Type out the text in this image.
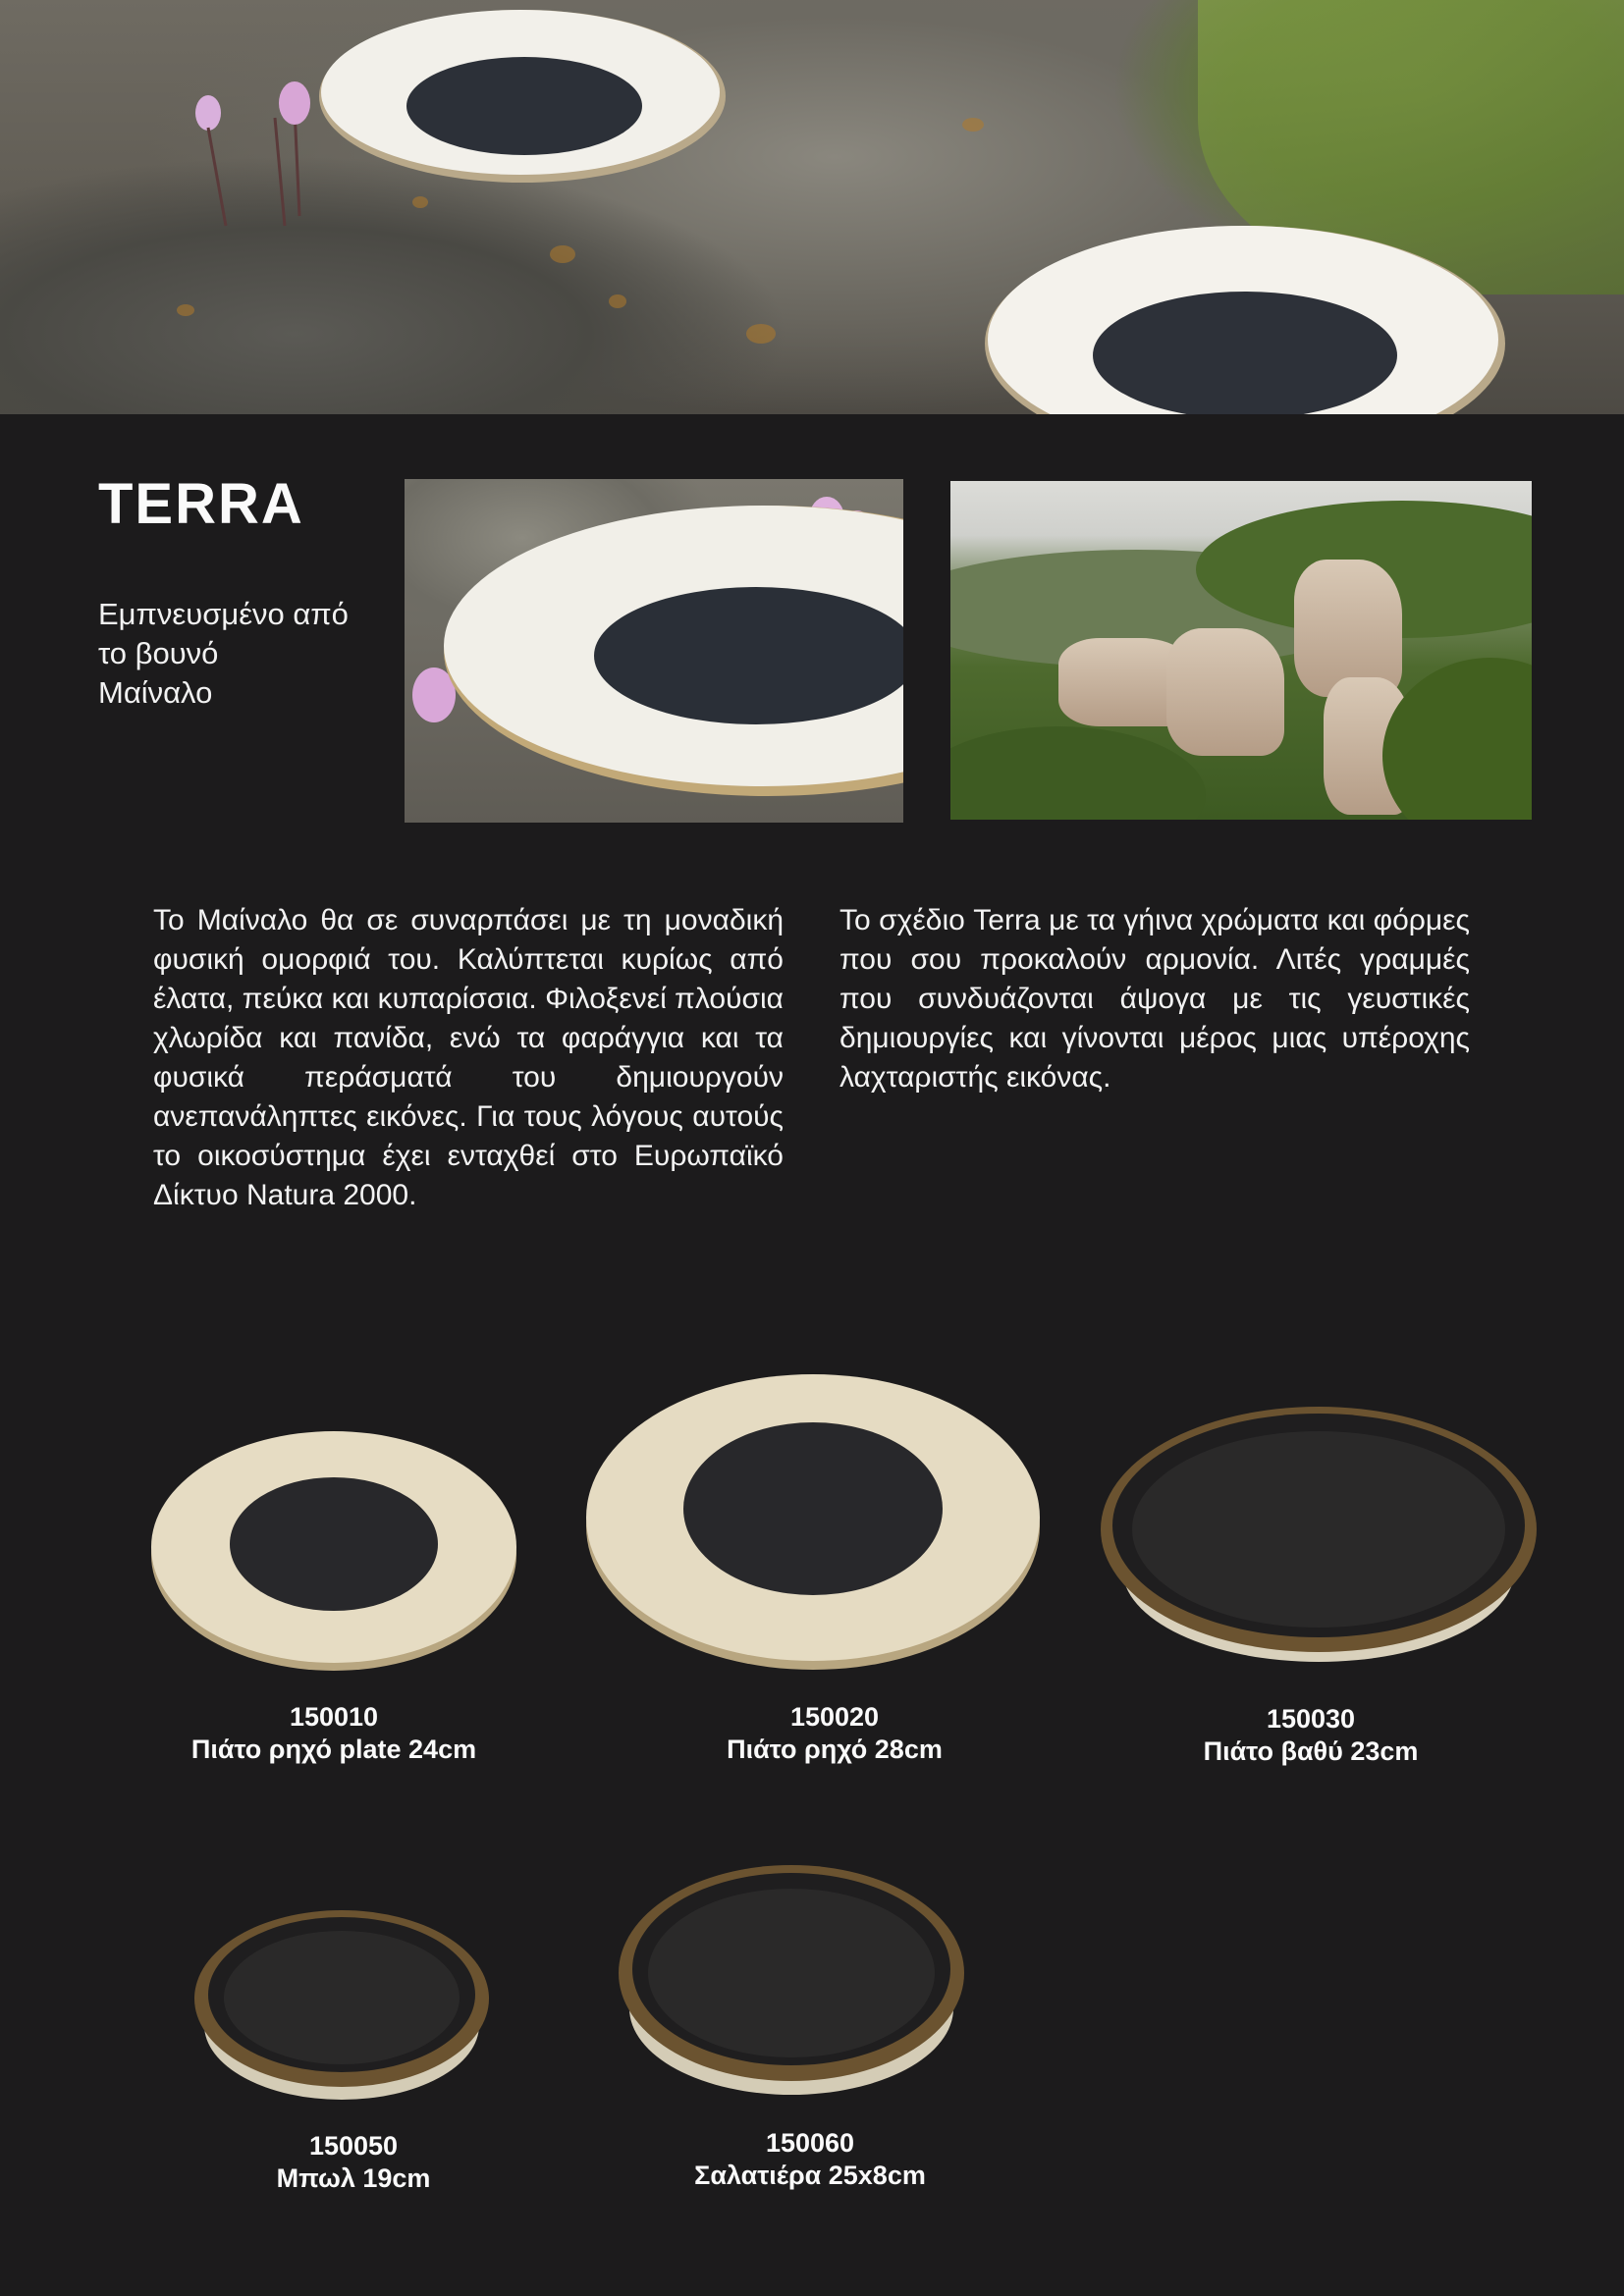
TERRA
Εμπνευσμένο από
το βουνό
Μαίναλο
Το Μαίναλο θα σε συναρπάσει με τη μοναδική φυσική ομορφιά του. Καλύπτεται κυρίως από έλατα, πεύκα και κυπαρίσσια. Φιλοξενεί πλούσια χλωρίδα και πανίδα, ενώ τα φαράγγια και τα φυσικά περάσματά του δημιουργούν ανεπανάληπτες εικόνες. Για τους λόγους αυτούς το οικοσύστημα έχει ενταχθεί στο Ευρωπαϊκό Δίκτυο Natura 2000.
Το σχέδιο Terra με τα γήινα χρώματα και φόρμες που σου προκαλούν αρμονία. Λιτές γραμμές που συνδυάζονται άψογα με τις γευστικές δημιουργίες και γίνονται μέρος μιας υπέροχης λαχταριστής εικόνας.
150010
Πιάτο ρηχό plate 24cm
150020
Πιάτο ρηχό 28cm
150030
Πιάτο βαθύ 23cm
150050
Μπωλ 19cm
150060
Σαλατιέρα 25x8cm
